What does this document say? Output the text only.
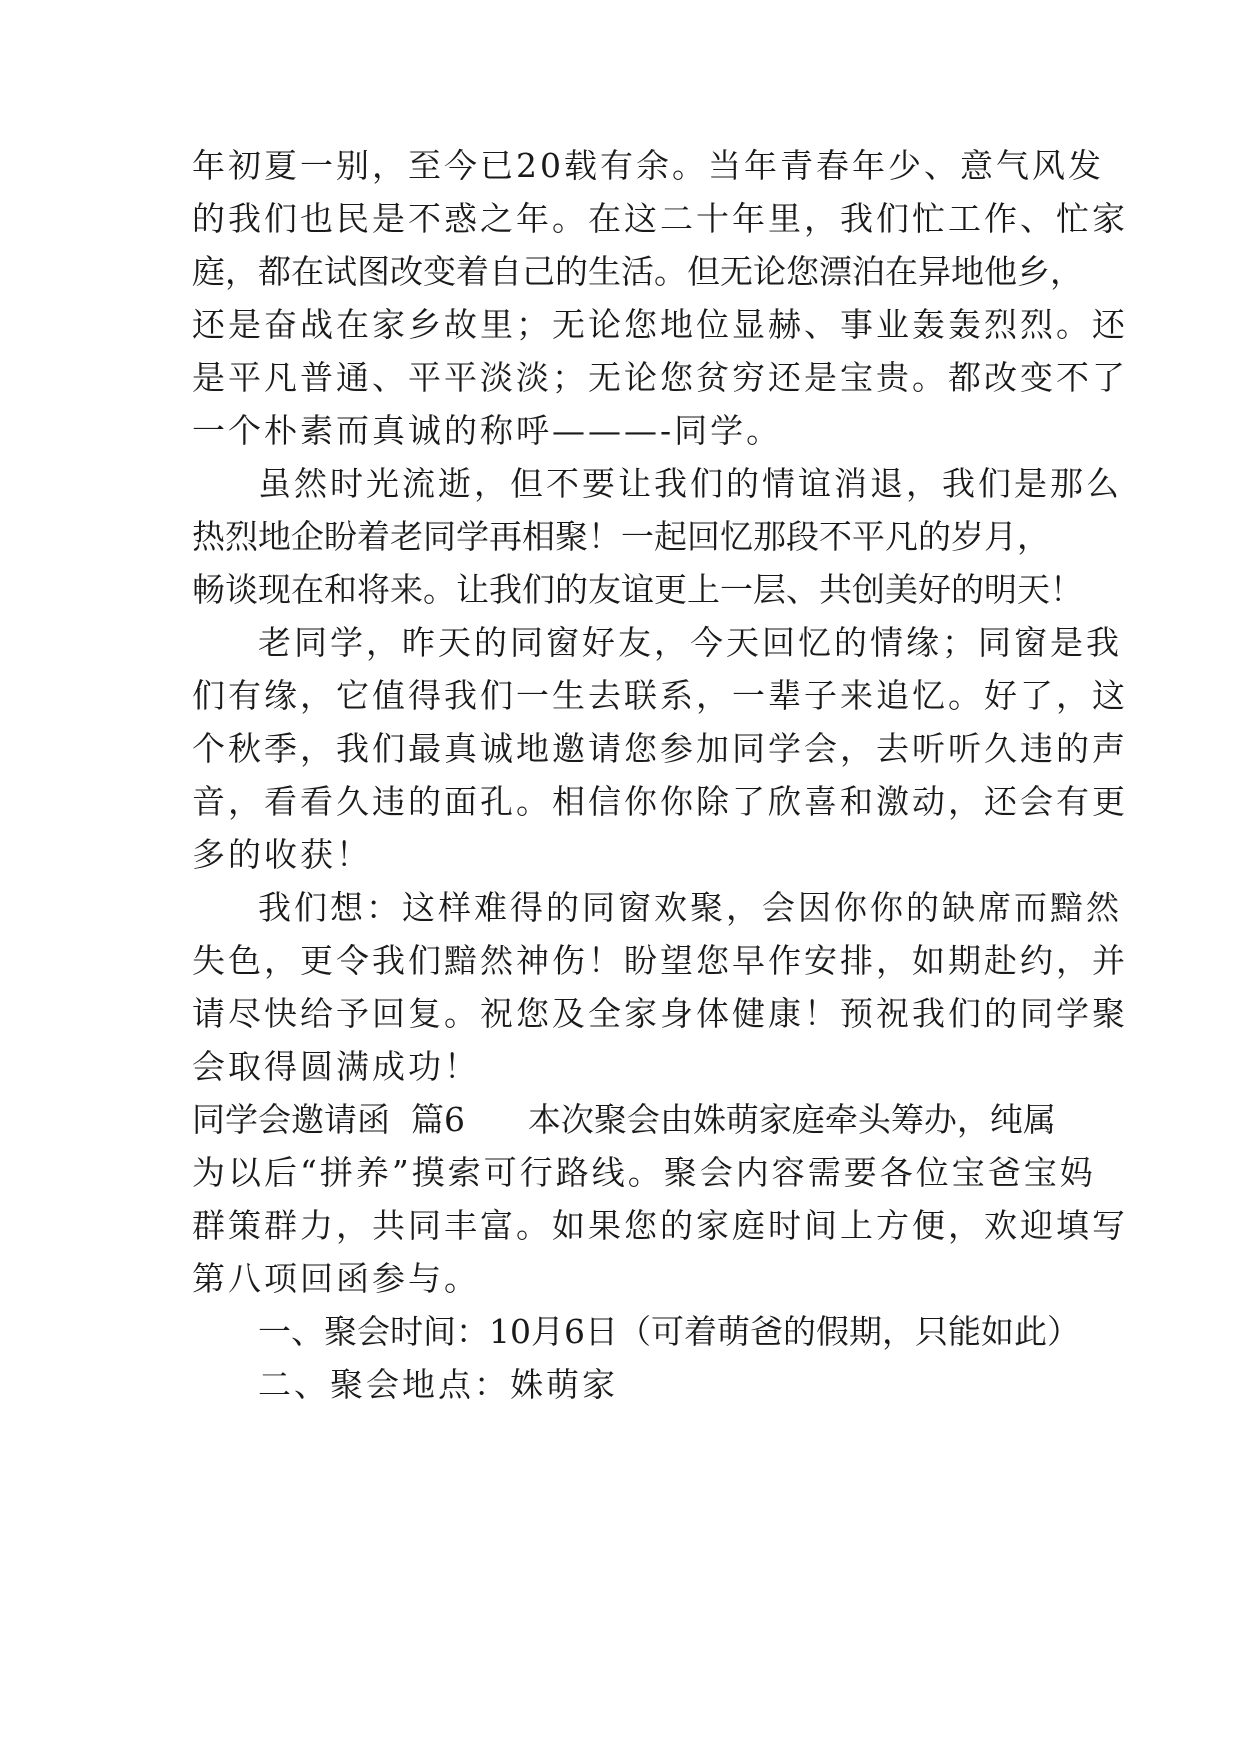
年初夏一别，至今已20载有余。当年青春年少、意气风发
的我们也民是不惑之年。在这二十年里，我们忙工作、忙家
庭，都在试图改变着自己的生活。但无论您漂泊在异地他乡，
还是奋战在家乡故里；无论您地位显赫、事业轰轰烈烈。还
是平凡普通、平平淡淡；无论您贫穷还是宝贵。都改变不了
一个朴素而真诚的称呼———-同学。
虽然时光流逝，但不要让我们的情谊消退，我们是那么
热烈地企盼着老同学再相聚！一起回忆那段不平凡的岁月，
畅谈现在和将来。让我们的友谊更上一层、共创美好的明天！
老同学，昨天的同窗好友，今天回忆的情缘；同窗是我
们有缘，它值得我们一生去联系，一辈子来追忆。好了，这
个秋季，我们最真诚地邀请您参加同学会，去听听久违的声
音，看看久违的面孔。相信你你除了欣喜和激动，还会有更
多的收获！
我们想：这样难得的同窗欢聚，会因你你的缺席而黯然
失色，更令我们黯然神伤！盼望您早作安排，如期赴约，并
请尽快给予回复。祝您及全家身体健康！预祝我们的同学聚
会取得圆满成功！
同学会邀请函  篇6      本次聚会由姝萌家庭牵头筹办，纯属
为以后“拼养”摸索可行路线。聚会内容需要各位宝爸宝妈
群策群力，共同丰富。如果您的家庭时间上方便，欢迎填写
第八项回函参与。
一、聚会时间：10月6日（可着萌爸的假期，只能如此）
二、聚会地点：姝萌家
